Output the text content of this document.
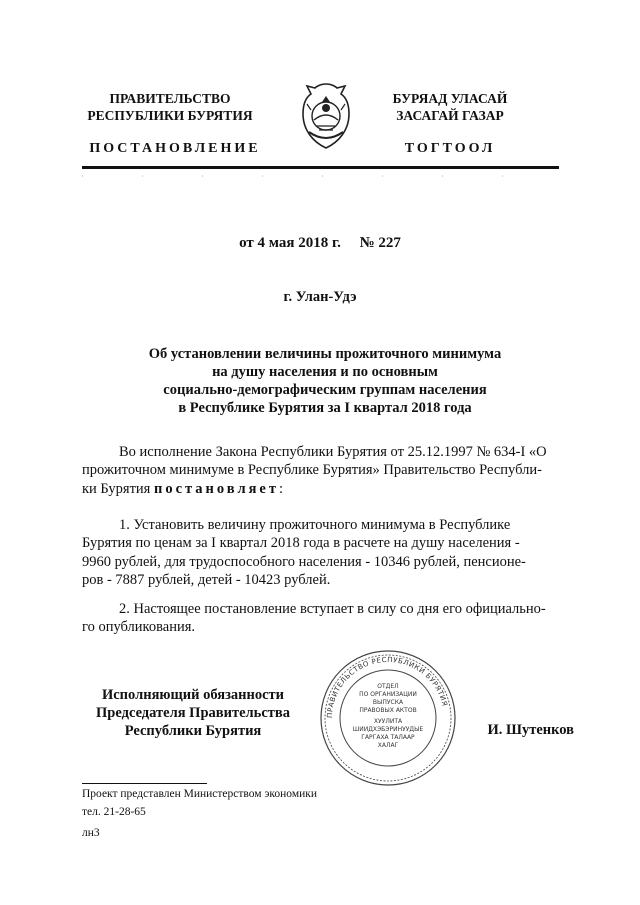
ПРАВИТЕЛЬСТВО
РЕСПУБЛИКИ БУРЯТИЯ
БУРЯАД УЛАСАЙ
ЗАСАГАЙ ГАЗАР
ПОСТАНОВЛЕНИЕ	ТОГТООЛ
от 4 мая 2018 г.     № 227
г. Улан-Удэ
Об установлении величины прожиточного минимума
на душу населения и по основным
социально-демографическим группам населения
в Республике Бурятия за I квартал 2018 года
Во исполнение Закона Республики Бурятия от 25.12.1997 № 634-I «О
прожиточном минимуме в Республике Бурятия» Правительство Республи-
ки Бурятия постановляет:
1. Установить величину прожиточного минимума в Республике
Бурятия по ценам за I квартал 2018 года в расчете на душу населения -
9960 рублей, для трудоспособного населения - 10346 рублей, пенсионе-
ров - 7887 рублей, детей - 10423 рублей.
2. Настоящее постановление вступает в силу со дня его официально-
го опубликования.
Исполняющий обязанности
Председателя Правительства
Республики Бурятия
ПРАВИТЕЛЬСТВО РЕСПУБЛИКИ БУРЯТИЯ
ОТДЕЛ
ПО ОРГАНИЗАЦИИ
ВЫПУСКА
ПРАВОВЫХ АКТОВ
ХУУЛИТА
ШИИДХЭБЭРИНУУДЫЕ
ГАРГАХА ТАЛААР
ХАЛАГ
И. Шутенков
Проект представлен Министерством экономики
тел. 21-28-65
лн3
